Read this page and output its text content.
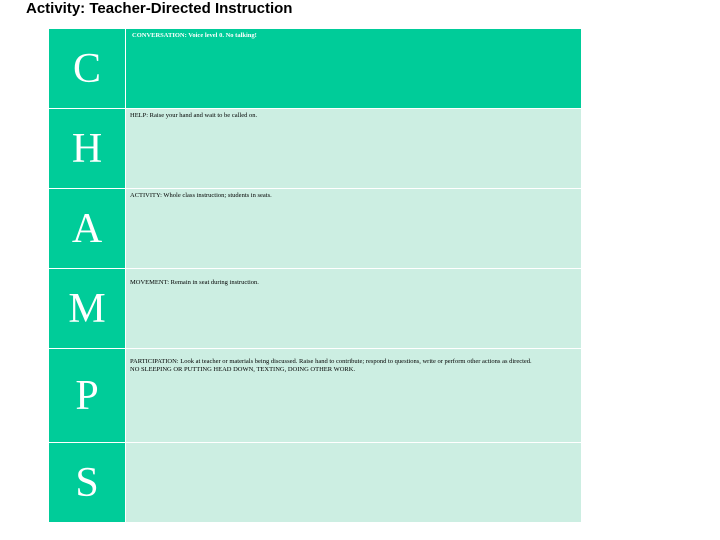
Activity: Teacher-Directed Instruction
C	CONVERSATION: Voice level 0. No talking!

H	HELP: Raise your hand and wait to be called on.

A	ACTIVITY: Whole class instruction; students in seats.

M	MOVEMENT: Remain in seat during instruction.

P	PARTICIPATION: Look at teacher or materials being discussed. Raise hand to contribute; respond to questions, write or perform other actions as directed.
NO SLEEPING OR PUTTING HEAD DOWN, TEXTING, DOING OTHER WORK.

S	
